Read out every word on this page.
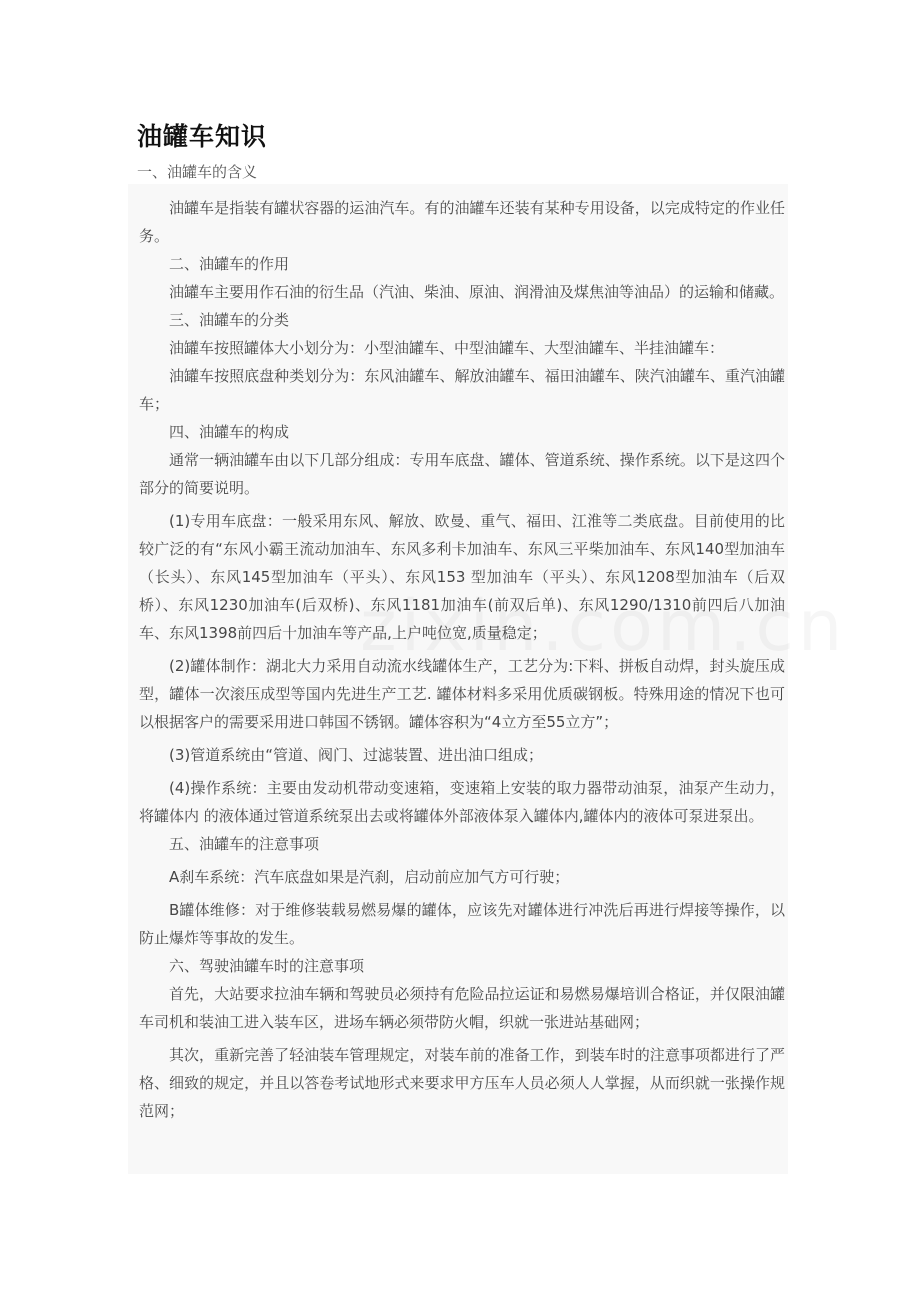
油罐车知识
一、油罐车的含义

油罐车是指装有罐状容器的运油汽车。有的油罐车还装有某种专用设备，以完成特定的作业任务。

二、油罐车的作用

油罐车主要用作石油的衍生品（汽油、柴油、原油、润滑油及煤焦油等油品）的运输和储藏。

三、油罐车的分类

油罐车按照罐体大小划分为：小型油罐车、中型油罐车、大型油罐车、半挂油罐车：

油罐车按照底盘种类划分为：东风油罐车、解放油罐车、福田油罐车、陕汽油罐车、重汽油罐车；

四、油罐车的构成

通常一辆油罐车由以下几部分组成：专用车底盘、罐体、管道系统、操作系统。以下是这四个部分的简要说明。

(1)专用车底盘：一般采用东风、解放、欧曼、重气、福田、江淮等二类底盘。目前使用的比较广泛的有“东风小霸王流动加油车、东风多利卡加油车、东风三平柴加油车、东风140型加油车（长头）、东风145型加油车（平头）、东风153 型加油车（平头）、东风1208型加油车（后双桥）、东风1230加油车(后双桥)、东风1181加油车(前双后单)、东风1290/1310前四后八加油车、东风1398前四后十加油车等产品,上户吨位宽,质量稳定；

(2)罐体制作：湖北大力采用自动流水线罐体生产，工艺分为:下料、拼板自动焊，封头旋压成型，罐体一次滚压成型等国内先进生产工艺. 罐体材料多采用优质碳钢板。特殊用途的情况下也可以根据客户的需要采用进口韩国不锈钢。罐体容积为“4立方至55立方”；

(3)管道系统由“管道、阀门、过滤装置、进出油口组成；

(4)操作系统：主要由发动机带动变速箱，变速箱上安装的取力器带动油泵，油泵产生动力，将罐体内 的液体通过管道系统泵出去或将罐体外部液体泵入罐体内,罐体内的液体可泵进泵出。

五、油罐车的注意事项

A刹车系统：汽车底盘如果是汽刹，启动前应加气方可行驶；

B罐体维修：对于维修装载易燃易爆的罐体，应该先对罐体进行冲洗后再进行焊接等操作，以防止爆炸等事故的发生。

六、驾驶油罐车时的注意事项

首先，大站要求拉油车辆和驾驶员必须持有危险品拉运证和易燃易爆培训合格证，并仅限油罐车司机和装油工进入装车区，进场车辆必须带防火帽，织就一张进站基础网；

其次，重新完善了轻油装车管理规定，对装车前的准备工作，到装车时的注意事项都进行了严格、细致的规定，并且以答卷考试地形式来要求甲方压车人员必须人人掌握，从而织就一张操作规范网；
